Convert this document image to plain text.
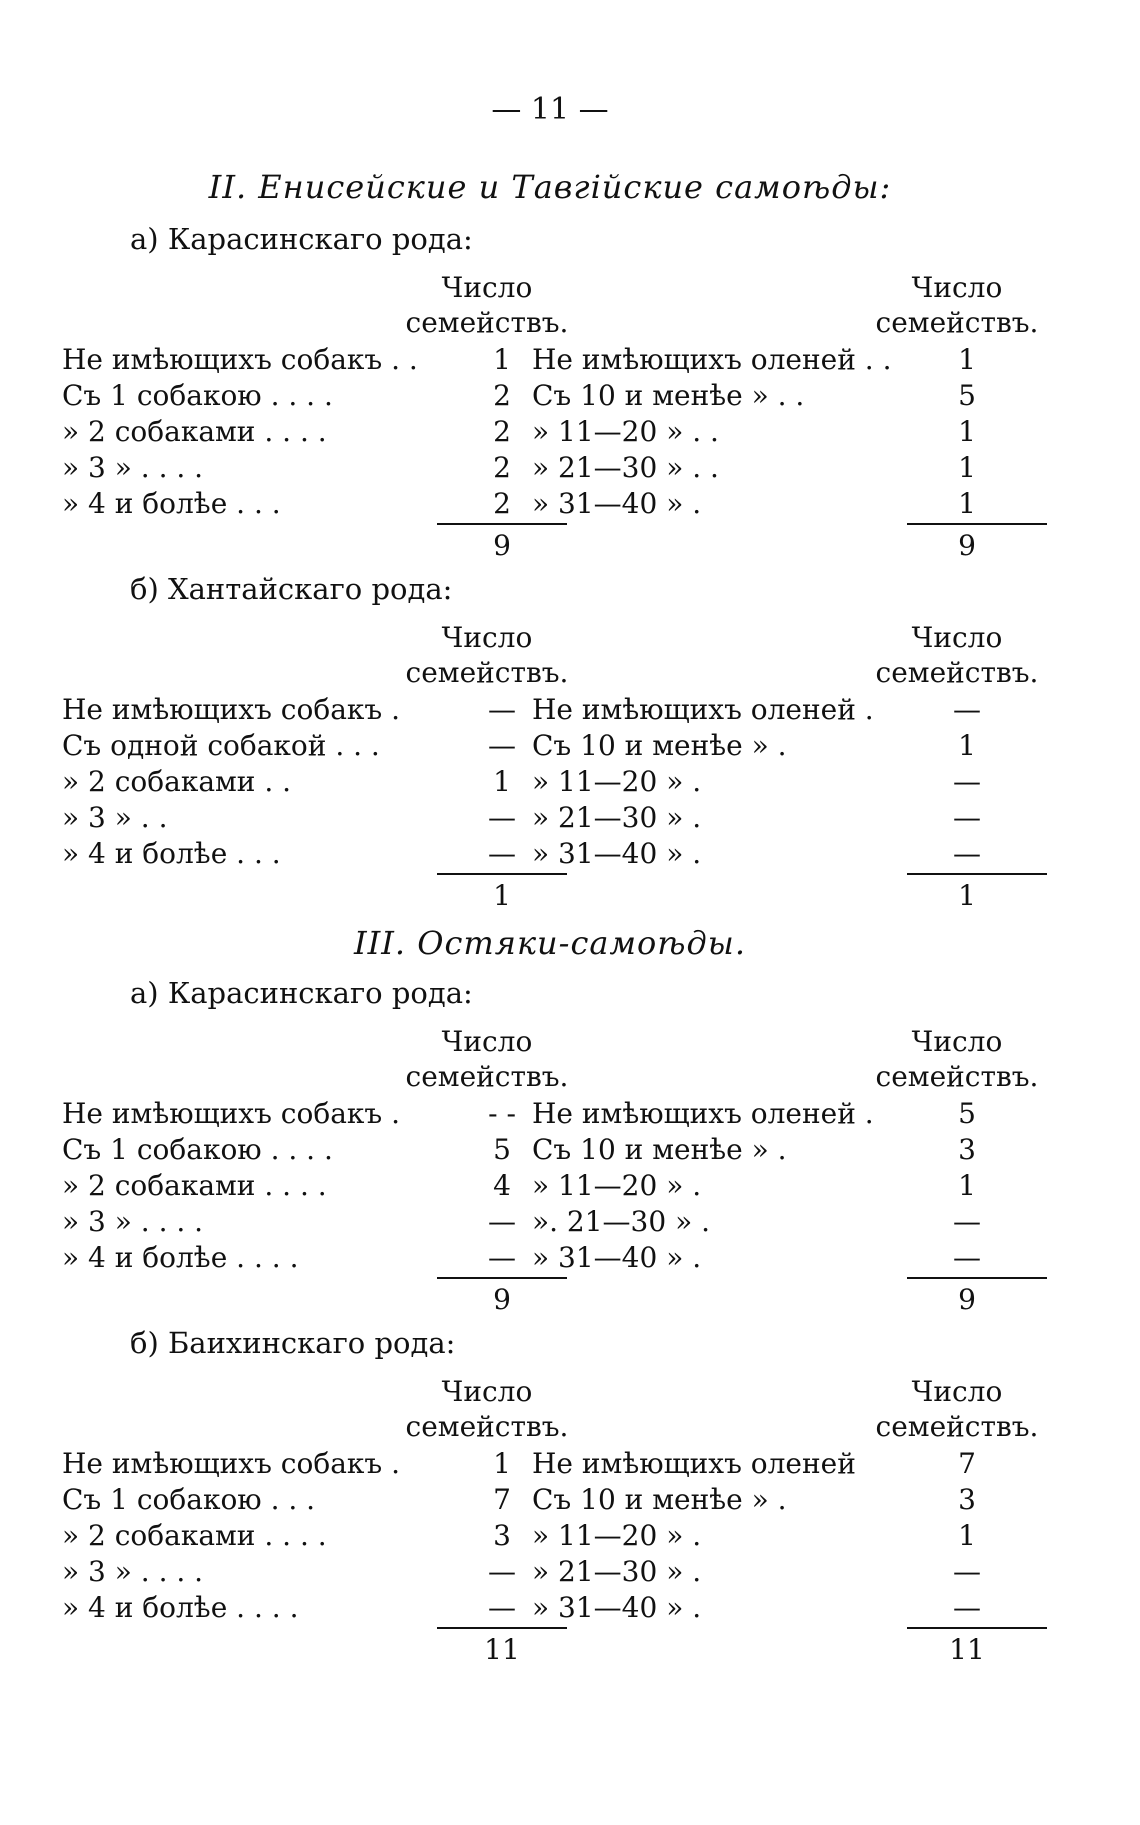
— 11 —
II. Енисейские и Тавгійские самоѣды:
a) Карасинскаго рода:
Число
семействъ.
Число
семействъ.
Не имѣющихъ собакъ . .	1 Не имѣющихъ оленей . .	1
Съ 1 собакою . . . .	2 Съ 10 и менѣе » . .	5
» 2 собаками . . . .	2 » 11—20 » . .	1
» 3 » . . . .	2 » 21—30 » . .	1
» 4 и болѣе . . .	2 » 31—40 » .	1
9	9
б) Хантайскаго рода:
Число
семействъ.
Число
семействъ.
Не имѣющихъ собакъ .	— Не имѣющихъ оленей .	—
Съ одной собакой . . .	— Съ 10 и менѣе » .	1
» 2 собаками . .	1 » 11—20 » .	—
» 3 » . .	— » 21—30 » .	—
» 4 и болѣе . . .	— » 31—40 » .	—
1	1
III. Остяки-самоѣды.
a) Карасинскаго рода:
Число
семействъ.
Число
семействъ.
Не имѣющихъ собакъ .	- - Не имѣющихъ оленей .	5
Съ 1 собакою . . . .	5 Съ 10 и менѣе » .	3
» 2 собаками . . . .	4 » 11—20 » .	1
» 3 » . . . .	— ». 21—30 » .	—
» 4 и болѣе . . . .	— » 31—40 » .	—
9	9
б) Баихинскаго рода:
Число
семействъ.
Число
семействъ.
Не имѣющихъ собакъ .	1 Не имѣющихъ оленей	7
Съ 1 собакою . . .	7 Съ 10 и менѣе » .	3
» 2 собаками . . . .	3 » 11—20 » .	1
» 3 » . . . .	— » 21—30 » .	—
» 4 и болѣе . . . .	— » 31—40 » .	—
11	11
